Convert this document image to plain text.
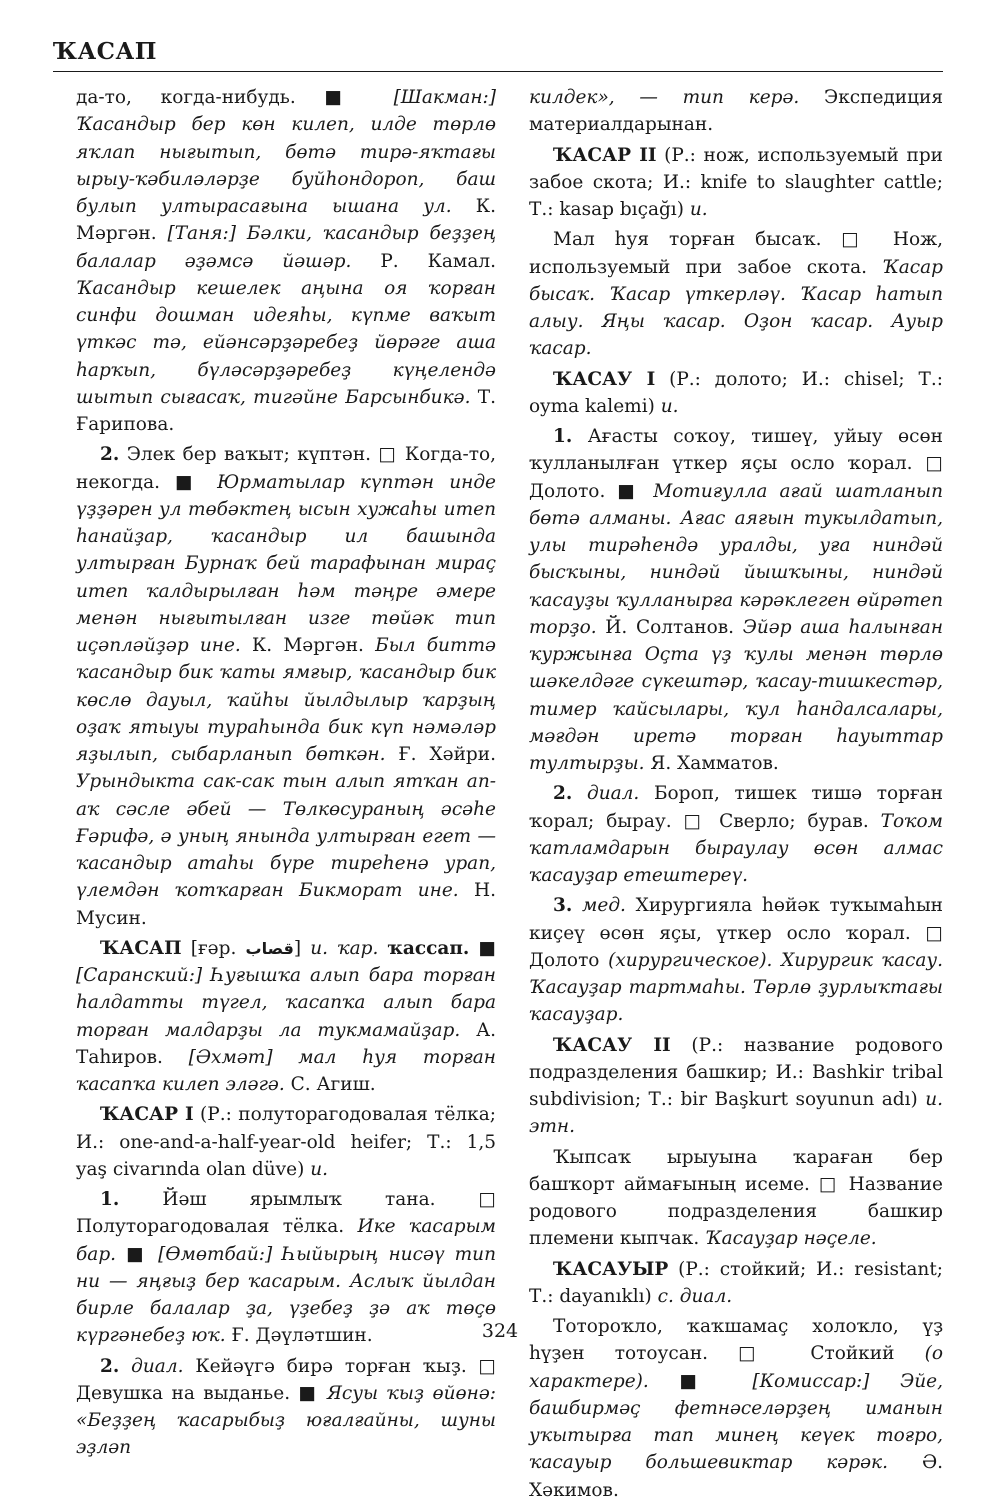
ҠАСАП

да-то, когда-нибудь. ■ [Шакман:] Ҡасандыр бер көн килеп, илде төрлө яҡлап нығытып, бөтә тирә-яҡтағы ырыу-ҡәбиләләрҙе буйһондороп, баш булып ултырасағына ышана ул. К. Мәргән. [Таня:] Бәлки, ҡасандыр беҙҙең балалар әҙәмсә йәшәр. Р. Камал. Ҡасандыр кешелек аңына оя ҡорған синфи дошман идеяһы, күпме ваҡыт үткәс тә, ейәнсәрҙәребеҙ йөрәге аша һарҡып, бүләсәрҙәребеҙ күңелендә шытып сығасаҡ, тигәйне Барсынбикә. Т. Ғарипова.

2. Элек бер ваҡыт; күптән. □ Когда-то, некогда. ■ Юрматылар күптән инде үҙҙәрен ул төбәктең ысын хужаһы итеп һанайҙар, ҡасандыр ил башында ултырған Бурнаҡ бей тарафынан мираҫ итеп ҡалдырылған һәм тәңре әмере менән нығытылған изге төйәк тип иҫәпләйҙәр ине. К. Мәргән. Был биттә ҡасандыр бик ҡаты ямғыр, ҡасандыр бик көслө дауыл, ҡайһы йылдылыр ҡарҙың оҙаҡ ятыуы тураһында бик күп нәмәләр яҙылып, сыбарланып бөткән. Ғ. Хәйри. Урындыкта сак-сак тын алып ятҡан ап-аҡ сәсле әбей — Төлкөсураның әсәһе Ғәрифә, ә уның янында ултырған егет — ҡасандыр атаһы бүре тиреһенә урап, үлемдән ҡотҡарған Бикморат ине. Н. Мусин.

ҠАСАП [ғәр. قصاب] и. ҡар. ҡассап. ■ [Саранский:] Һуғышҡа алып бара торған һалдатты түгел, ҡасапҡа алып бара торған малдарҙы ла тукмамайҙар. А. Таһиров. [Әхмәт] мал һуя торған ҡасапҡа килеп эләгә. С. Агиш.

ҠАСАР I (Р.: полуторагодовалая тёлка; И.: one-and-a-half-year-old heifer; Т.: 1,5 yaş civarında olan düve) и.

1. Йәш ярымлыҡ тана. □ Полуторагодовалая тёлка. Ике ҡасарым бар. ■ [Өмөтбай:] Һыйырың нисәү тип ни — яңғыҙ бер ҡасарым. Аслыҡ йылдан бирле балалар ҙа, үҙебеҙ ҙә аҡ төҫө күргәнебеҙ юҡ. Ғ. Дәүләтшин.

2. диал. Кейәүгә бирә торған ҡыҙ. □ Девушка на выданье. ■ Ясуы ҡыҙ өйөнә: «Беҙҙең ҡасарыбыҙ юғалғайны, шуны эҙләп

килдек», — тип керә. Экспедиция материалдарынан.

ҠАСАР II (Р.: нож, используемый при забое скота; И.: knife to slaughter cattle; Т.: kasap bıçağı) и.

Мал һуя торған бысаҡ. □ Нож, используемый при забое скота. Ҡасар бысаҡ. Ҡасар үткерләү. Ҡасар һатып алыу. Яңы ҡасар. Оҙон ҡасар. Ауыр ҡасар.

ҠАСАУ I (Р.: долото; И.: chisel; Т.: oyma kalemi) и.

1. Ағасты соҡоу, тишеү, уйыу өсөн ҡулланылған үткер яҫы осло ҡорал. □ Долото. ■ Мотиғулла ағай шатланып бөтә алманы. Ағас аяғын тукылдатып, улы тирәһендә уралды, уға ниндәй бысҡыны, ниндәй йышҡыны, ниндәй ҡасауҙы ҡулланырға кәрәклеген өйрәтеп торҙо. Й. Солтанов. Эйәр аша һалынған ҡуржынға Оҫта үҙ ҡулы менән төрлө шәкелдәге сүкештәр, ҡасау-тишкестәр, тимер ҡайсылары, ҡул һандалсалары, мәғдән иретә торған һауыттар тултырҙы. Я. Хамматов.

2. диал. Бороп, тишек тишә торған ҡорал; бырау. □ Сверло; бурав. Тоҡом ҡатламдарын быраулау өсөн алмас ҡасауҙар етештереү.

3. мед. Хирургияла һөйәк туҡымаһын киҫеү өсөн яҫы, үткер осло ҡорал. □ Долото (хирургическое). Хирургик ҡасау. Ҡасауҙар тартмаһы. Төрлө ҙурлыҡтағы ҡасауҙар.

ҠАСАУ II (Р.: название родового подразделения башкир; И.: Bashkir tribal subdivision; Т.: bir Başkurt soyunun adı) и. этн.

Ҡыпсаҡ ырыуына ҡараған бер башҡорт аймағының исеме. □ Название родового подразделения башкир племени кыпчак. Ҡасауҙар нәҫеле.

ҠАСАУЫР (Р.: стойкий; И.: resistant; Т.: dayanıklı) с. диал.

Тотороҡло, ҡаҡшамаҫ холоҡло, үҙ һүҙен тотоусан. □ Стойкий (о характере). ■ [Комиссар:] Эйе, башбирмәҫ фетнәселәрҙең иманын уҡытырға тап минең кеүек тоғро, ҡасауыр большевиктар кәрәк. Ә. Хәкимов.

324
